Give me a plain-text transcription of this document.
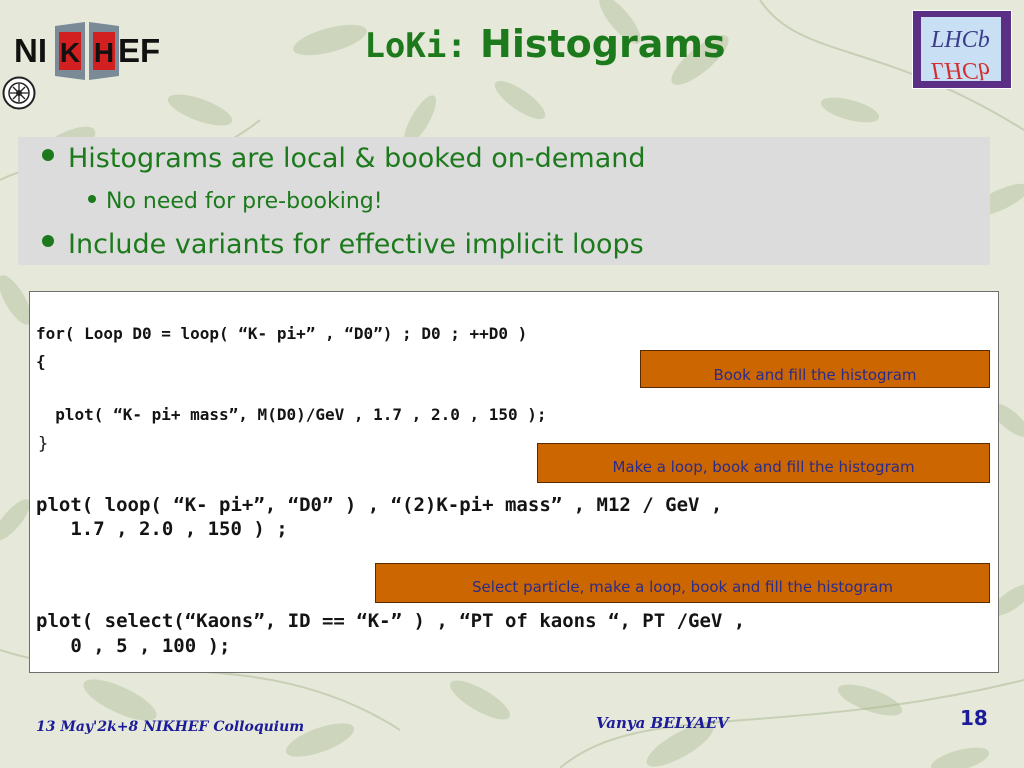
NI K H EF	LHCb
LHCb
LoKi: Histograms
Histograms are local & booked on-demand
No need for pre-booking!
Include variants for effective implicit loops
for( Loop D0 = loop( “K- pi+” , “D0”) ; D0 ; ++D0 )
{
plot( “K- pi+ mass”, M(D0)/GeV , 1.7 , 2.0 , 150 );
}
plot( loop( “K- pi+”, “D0” ) , “(2)K-pi+ mass” , M12 / GeV ,
1.7 , 2.0 , 150 ) ;
plot( select(“Kaons”, ID == “K-” ) , “PT of kaons “, PT /GeV ,
0 , 5 , 100 );
Book and fill the histogram
Make a loop, book and fill the histogram
Select particle, make a loop, book and fill the histogram
13 May'2k+8 NIKHEF Colloquium	Vanya BELYAEV	18
